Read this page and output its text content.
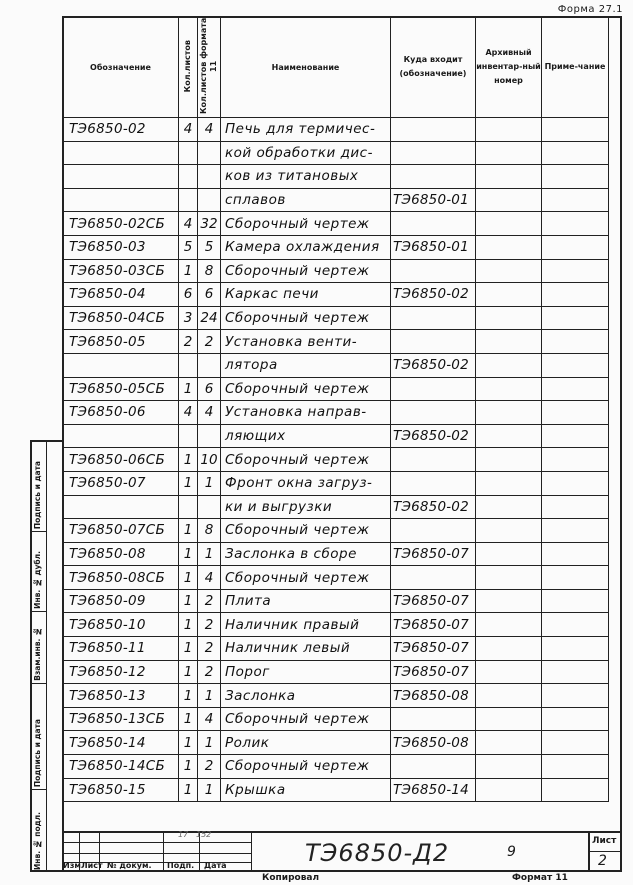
Форма 27.1
Подпись и дата
Инв. № дубл.
Взам.инв. №
Подпись и дата
Инв. № подл.
Обозначение	Кол.листов	Кол.листов формата 11	Наименование	Куда входит (обозначение)	Архивный инвентар-ный номер	Приме-чание
ТЭ6850-02	4	4	Печь для термичес-			
			кой обработки дис-			
			ков из титановых			
			сплавов	ТЭ6850-01		
ТЭ6850-02СБ	4	32	Сборочный чертеж			
ТЭ6850-03	5	5	Камера охлаждения	ТЭ6850-01		
ТЭ6850-03СБ	1	8	Сборочный чертеж			
ТЭ6850-04	6	6	Каркас печи	ТЭ6850-02		
ТЭ6850-04СБ	3	24	Сборочный чертеж			
ТЭ6850-05	2	2	Установка венти-			
			лятора	ТЭ6850-02		
ТЭ6850-05СБ	1	6	Сборочный чертеж			
ТЭ6850-06	4	4	Установка направ-			
			ляющих	ТЭ6850-02		
ТЭ6850-06СБ	1	10	Сборочный чертеж			
ТЭ6850-07	1	1	Фронт окна загруз-			
			ки и выгрузки	ТЭ6850-02		
ТЭ6850-07СБ	1	8	Сборочный чертеж			
ТЭ6850-08	1	1	Заслонка в сборе	ТЭ6850-07		
ТЭ6850-08СБ	1	4	Сборочный чертеж			
ТЭ6850-09	1	2	Плита	ТЭ6850-07		
ТЭ6850-10	1	2	Наличник правый	ТЭ6850-07		
ТЭ6850-11	1	2	Наличник левый	ТЭ6850-07		
ТЭ6850-12	1	2	Порог	ТЭ6850-07		
ТЭ6850-13	1	1	Заслонка	ТЭ6850-08		
ТЭ6850-13СБ	1	4	Сборочный чертеж			
ТЭ6850-14	1	1	Ролик	ТЭ6850-08		
ТЭ6850-14СБ	1	2	Сборочный чертеж			
ТЭ6850-15	1	1	Крышка	ТЭ6850-14		
Изм Лист № докум. Подп. Дата
17 152
ТЭ6850-Д2	9
Лист
2
Копировал	Формат 11
